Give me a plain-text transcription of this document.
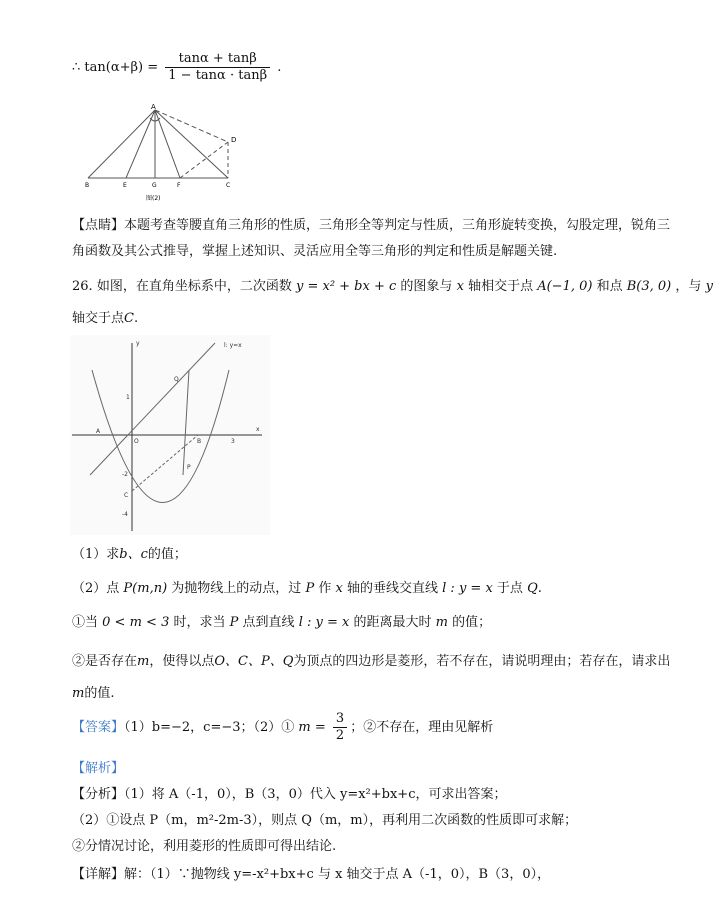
∴ $\tan(\alpha+\beta) = \frac{\tan\alpha + \tan\beta}{1 - \tan\alpha \cdot \tan\beta}$ .
A
D
B	E	G	F	C
图(2)
【点睛】本题考查等腰直角三角形的性质，三角形全等判定与性质，三角形旋转变换，勾股定理，锐角三
角函数及其公式推导，掌握上述知识、灵活应用全等三角形的判定和性质是解题关键.
26. 如图，在直角坐标系中，二次函数 y = x² + bx + c 的图象与 x 轴相交于点 A(−1, 0) 和点 B(3, 0) ，与 y
轴交于点C.
l: y=x
y
x
O
A
B
C
Q
P
1
3
-2
-4
（1）求b、c的值；
（2）点 P(m,n) 为抛物线上的动点，过 P 作 x 轴的垂线交直线 l : y = x 于点 Q.
①当 0 < m < 3 时，求当 P 点到直线 l : y = x 的距离最大时 m 的值；
②是否存在m，使得以点O、C、P、Q为顶点的四边形是菱形，若不存在，请说明理由；若存在，请求出
m的值.
【答案】（1）b=−2，c=−3；（2）① $m = \frac{3}{2}$ ；②不存在，理由见解析
【解析】
【分析】（1）将 A（-1，0），B（3，0）代入 y=x²+bx+c，可求出答案；
（2）①设点 P（m，m²-2m-3），则点 Q（m，m），再利用二次函数的性质即可求解；
②分情况讨论，利用菱形的性质即可得出结论.
【详解】解：（1）∵抛物线 y=-x²+bx+c 与 x 轴交于点 A（-1，0），B（3，0），
